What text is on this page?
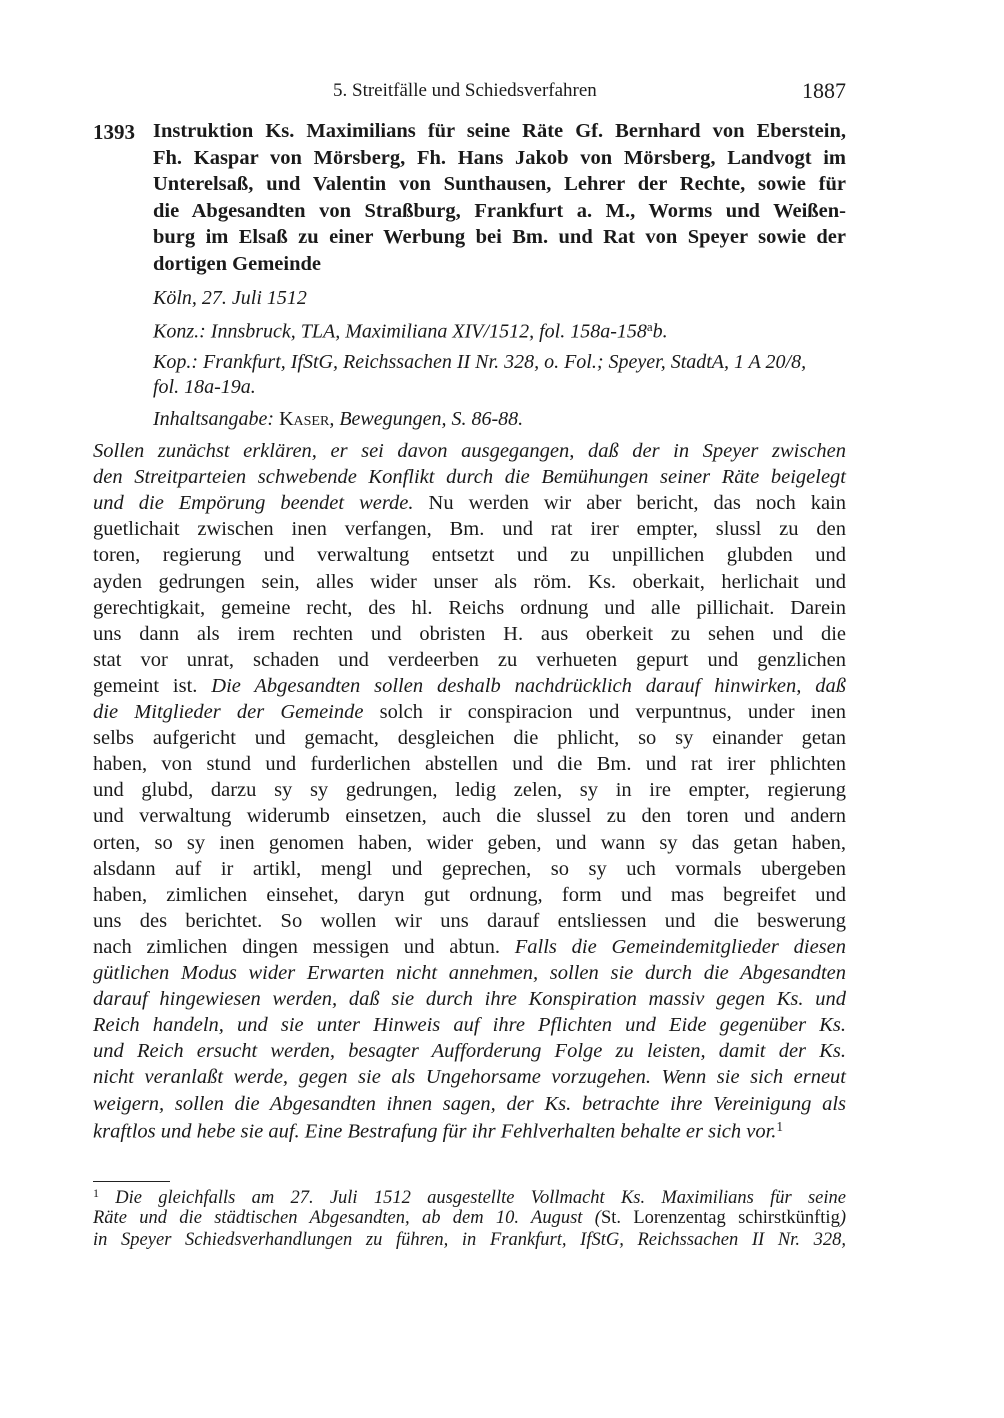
5. Streitfälle und Schiedsverfahren	1887
1393 Instruktion Ks. Maximilians für seine Räte Gf. Bernhard von Eberstein,
Fh. Kaspar von Mörsberg, Fh. Hans Jakob von Mörsberg, Landvogt im
Unterelsaß, und Valentin von Sunthausen, Lehrer der Rechte, sowie für
die Abgesandten von Straßburg, Frankfurt a. M., Worms und Weißen-
burg im Elsaß zu einer Werbung bei Bm. und Rat von Speyer sowie der
dortigen Gemeinde
Köln, 27. Juli 1512
Konz.: Innsbruck, TLA, Maximiliana XIV/1512, fol. 158a-158$^a$b.
Kop.: Frankfurt, IfStG, Reichssachen II Nr. 328, o. Fol.; Speyer, StadtA, 1 A 20/8,
fol. 18a-19a.
Inhaltsangabe: Kaser, Bewegungen, S. 86-88.
Sollen zunächst erklären, er sei davon ausgegangen, daß der in Speyer zwischen
den Streitparteien schwebende Konflikt durch die Bemühungen seiner Räte beigelegt
und die Empörung beendet werde. Nu werden wir aber bericht, das noch kain
guetlichait zwischen inen verfangen, Bm. und rat irer empter, slussl zu den
toren, regierung und verwaltung entsetzt und zu unpillichen glubden und
ayden gedrungen sein, alles wider unser als röm. Ks. oberkait, herlichait und
gerechtigkait, gemeine recht, des hl. Reichs ordnung und alle pillichait. Darein
uns dann als irem rechten und obristen H. aus oberkeit zu sehen und die
stat vor unrat, schaden und verdeerben zu verhueten gepurt und genzlichen
gemeint ist. Die Abgesandten sollen deshalb nachdrücklich darauf hinwirken, daß
die Mitglieder der Gemeinde solch ir conspiracion und verpuntnus, under inen
selbs aufgericht und gemacht, desgleichen die phlicht, so sy einander getan
haben, von stund und furderlichen abstellen und die Bm. und rat irer phlichten
und glubd, darzu sy sy gedrungen, ledig zelen, sy in ire empter, regierung
und verwaltung widerumb einsetzen, auch die slussel zu den toren und andern
orten, so sy inen genomen haben, wider geben, und wann sy das getan haben,
alsdann auf ir artikl, mengl und geprechen, so sy uch vormals ubergeben
haben, zimlichen einsehet, daryn gut ordnung, form und mas begreifet und
uns des berichtet. So wollen wir uns darauf entsliessen und die beswerung
nach zimlichen dingen messigen und abtun. Falls die Gemeindemitglieder diesen
gütlichen Modus wider Erwarten nicht annehmen, sollen sie durch die Abgesandten
darauf hingewiesen werden, daß sie durch ihre Konspiration massiv gegen Ks. und
Reich handeln, und sie unter Hinweis auf ihre Pflichten und Eide gegenüber Ks.
und Reich ersucht werden, besagter Aufforderung Folge zu leisten, damit der Ks.
nicht veranlaßt werde, gegen sie als Ungehorsame vorzugehen. Wenn sie sich erneut
weigern, sollen die Abgesandten ihnen sagen, der Ks. betrachte ihre Vereinigung als
kraftlos und hebe sie auf. Eine Bestrafung für ihr Fehlverhalten behalte er sich vor.$^1$
$^1$ Die gleichfalls am 27. Juli 1512 ausgestellte Vollmacht Ks. Maximilians für seine
Räte und die städtischen Abgesandten, ab dem 10. August (St. Lorenzentag schirstkünftig)
in Speyer Schiedsverhandlungen zu führen, in Frankfurt, IfStG, Reichssachen II Nr. 328,
